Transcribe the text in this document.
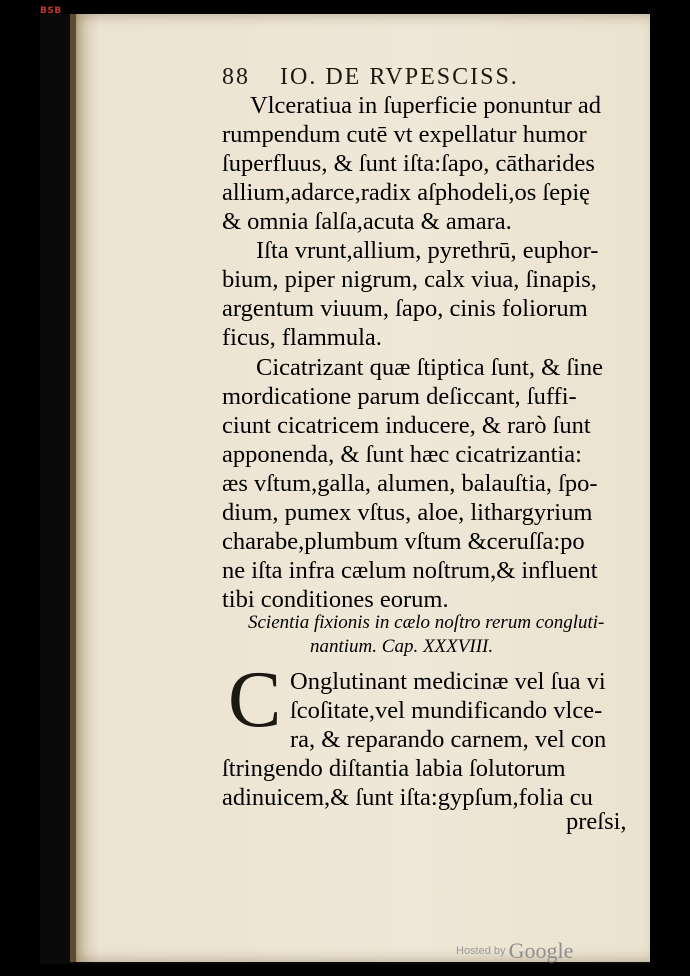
BSB
88 IO. DE RVPESCISS.
Vlceratiua in ſuperficie ponuntur ad
rumpendum cutē vt expellatur humor
ſuperfluus, & ſunt iſta:ſapo, cātharides
allium,adarce,radix aſphodeli,os ſepię
& omnia ſalſa,acuta & amara.
Iſta vrunt,allium, pyrethrū, euphor-
bium, piper nigrum, calx viua, ſinapis,
argentum viuum, ſapo, cinis foliorum
ficus, flammula.
Cicatrizant quæ ſtiptica ſunt, & ſine
mordicatione parum deſiccant, ſuffi-
ciunt cicatricem inducere, & rarò ſunt
apponenda, & ſunt hæc cicatrizantia:
æs vſtum,galla, alumen, balauſtia, ſpo-
dium, pumex vſtus, aloe, lithargyrium
charabe,plumbum vſtum &ceruſſa:po
ne iſta infra cælum noſtrum,& influent
tibi conditiones eorum.
Scientia fixionis in cælo noſtro rerum congluti-
nantium. Cap. XXXVIII.
C Onglutinant medicinæ vel ſua vi
ſcoſitate,vel mundificando vlce-
ra, & reparando carnem, vel con
ſtringendo diſtantia labia ſolutorum
adinuicem,& ſunt iſta:gypſum,folia cu
preſsi,
Hosted by Google
